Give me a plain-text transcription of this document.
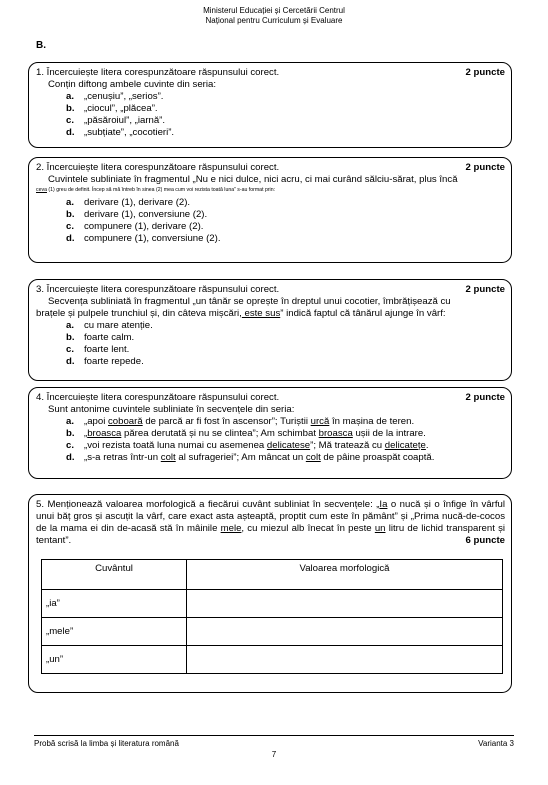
Ministerul Educației și Cercetării Centrul
Național pentru Curriculum și Evaluare
B.
1. Încercuiește litera corespunzătoare răspunsului corect.	2 puncte
Conțin diftong ambele cuvinte din seria:
a.	„cenușiu”, „serios”.
b. „ciocul”, „plăcea”.
c.	„păsăroiul”, „iarnă”.
d. „subțiate”, „cocotieri”.
2. Încercuiește litera corespunzătoare răspunsului corect.	2 puncte
Cuvintele subliniate în fragmentul „Nu e nici dulce, nici acru, ci mai curând sălciu-sărat, plus încă
ceva (1) greu de definit. Încep să mă întreb în sinea (2) mea cum voi rezista toată luna” s-au format prin:
a.	derivare (1), derivare (2).
b. derivare (1), conversiune (2).
c.	compunere (1), derivare (2).
d. compunere (1), conversiune (2).
3. Încercuiește litera corespunzătoare răspunsului corect.	2 puncte
Secvența subliniată în fragmentul „un tânăr se oprește în dreptul unui cocotier, îmbrățișează cu
brațele și pulpele trunchiul și, din câteva mișcări, este sus” indică faptul că tânărul ajunge în vârf:
a.	cu mare atenție.
b. foarte calm.
c.	foarte lent.
d. foarte repede.
4. Încercuiește litera corespunzătoare răspunsului corect.	2 puncte
Sunt antonime cuvintele subliniate în secvențele din seria:
a.	„apoi coboară de parcă ar fi fost în ascensor”; Turiștii urcă în mașina de teren.
b. „broasca părea derutată și nu se clintea”; Am schimbat broasca ușii de la intrare.
c.	„voi rezista toată luna numai cu asemenea delicatese”; Mă tratează cu delicatețe.
d. „s-a retras într-un colt al sufrageriei”; Am mâncat un colt de pâine proaspăt coaptă.
5. Menționează valoarea morfologică a fiecărui cuvânt subliniat în secvențele: „Ia o nucă și o înfige în vârful unui băț gros și ascuțit la vârf, care exact asta așteaptă, proptit cum este în pământ” și „Prima nucă-de-cocos de la mama ei din de-acasă stă în mâinile mele, cu miezul alb înecat în peste un litru de lichid transparent și tentant”.	6 puncte
Cuvântul	Valoarea morfologică
„ia”	
„mele”	
„un”	
Probă scrisă la limba și literatura română	Varianta 3
7
